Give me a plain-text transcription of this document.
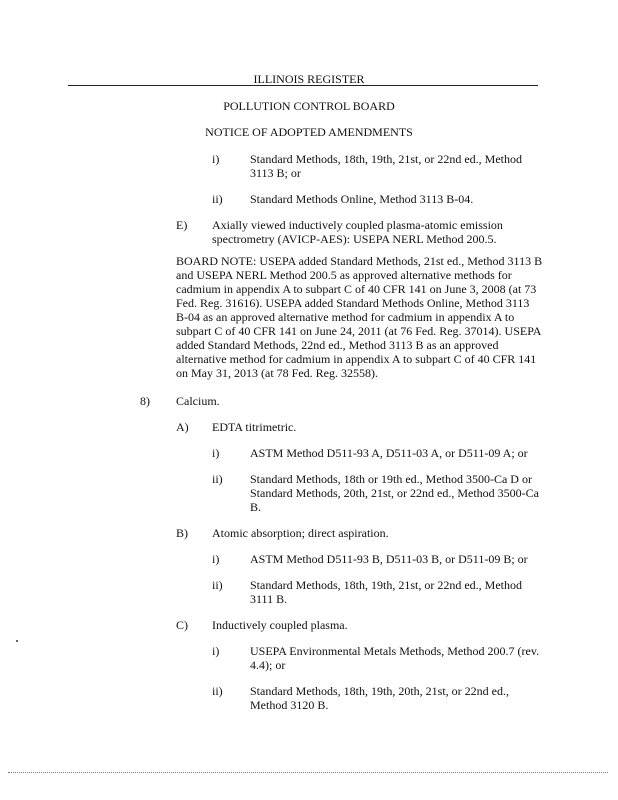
ILLINOIS REGISTER
POLLUTION CONTROL BOARD
NOTICE OF ADOPTED AMENDMENTS
i)	Standard Methods, 18th, 19th, 21st, or 22nd ed., Method 3113 B; or
ii) Standard Methods Online, Method 3113 B-04.
E) Axially viewed inductively coupled plasma-atomic emission spectrometry (AVICP-AES): USEPA NERL Method 200.5.
BOARD NOTE: USEPA added Standard Methods, 21st ed., Method 3113 B and USEPA NERL Method 200.5 as approved alternative methods for cadmium in appendix A to subpart C of 40 CFR 141 on June 3, 2008 (at 73 Fed. Reg. 31616). USEPA added Standard Methods Online, Method 3113 B-04 as an approved alternative method for cadmium in appendix A to subpart C of 40 CFR 141 on June 24, 2011 (at 76 Fed. Reg. 37014). USEPA added Standard Methods, 22nd ed., Method 3113 B as an approved alternative method for cadmium in appendix A to subpart C of 40 CFR 141 on May 31, 2013 (at 78 Fed. Reg. 32558).
8) Calcium.
A) EDTA titrimetric.
i)	ASTM Method D511-93 A, D511-03 A, or D511-09 A; or
ii) Standard Methods, 18th or 19th ed., Method 3500-Ca D or Standard Methods, 20th, 21st, or 22nd ed., Method 3500-Ca B.
B) Atomic absorption; direct aspiration.
i)	ASTM Method D511-93 B, D511-03 B, or D511-09 B; or
ii) Standard Methods, 18th, 19th, 21st, or 22nd ed., Method 3111 B.
C) Inductively coupled plasma.
i)	USEPA Environmental Metals Methods, Method 200.7 (rev. 4.4); or
ii) Standard Methods, 18th, 19th, 20th, 21st, or 22nd ed., Method 3120 B.
